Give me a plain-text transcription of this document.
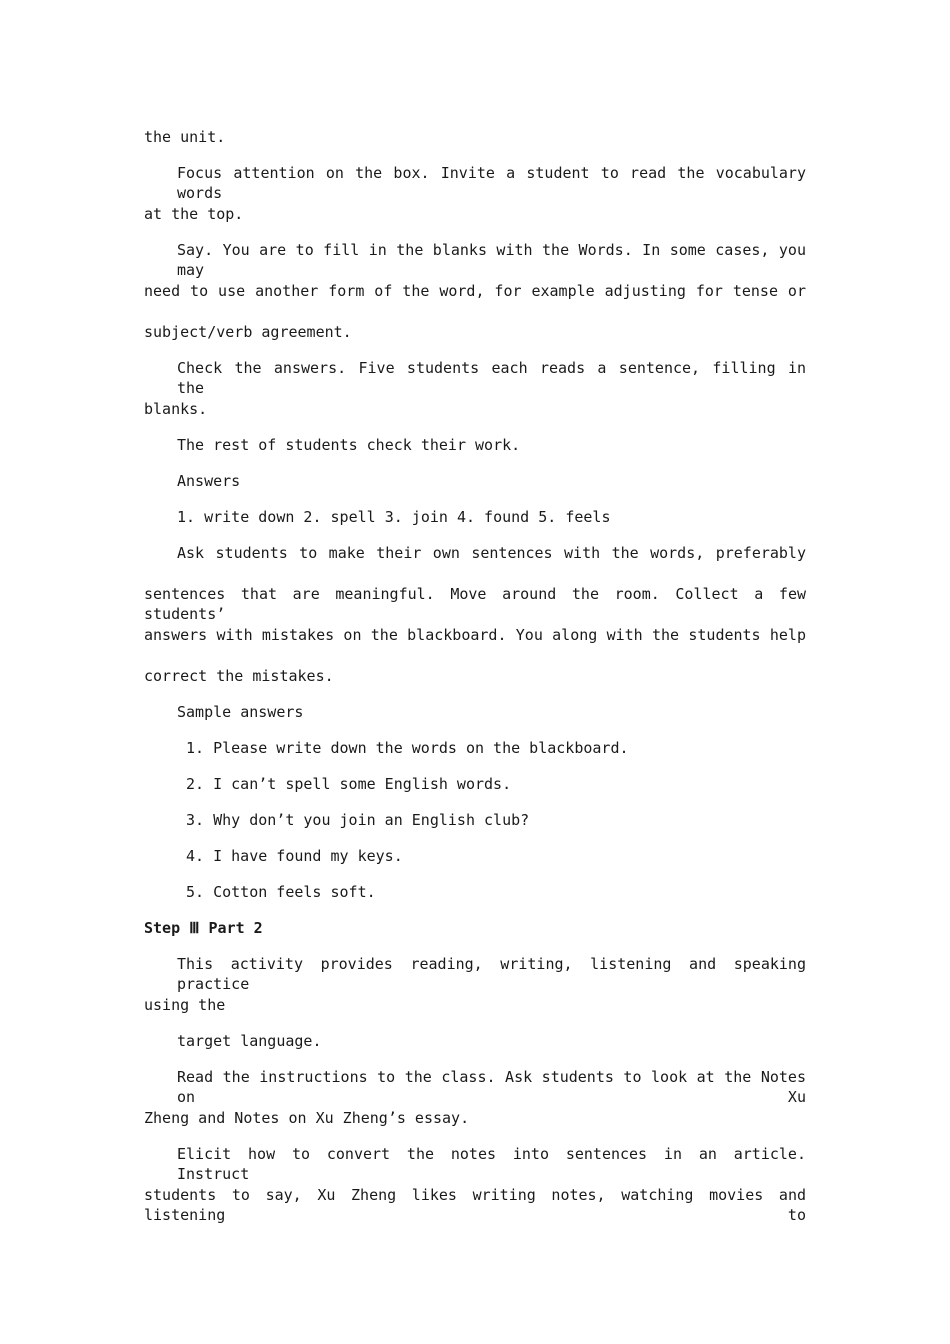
the unit.
Focus attention on the box. Invite a student to read the vocabulary words
at the top.
Say. You are to fill in the blanks with the Words. In some cases, you may
need to use another form of the word, for example adjusting for tense or
subject/verb agreement.
Check the answers. Five students each reads a sentence, filling in the
blanks.
The rest of students check their work.
Answers
1. write down 2. spell 3. join 4. found 5. feels
Ask students to make their own sentences with the words, preferably
sentences that are meaningful. Move around the room. Collect a few students’
answers with mistakes on the blackboard. You along with the students help
correct the mistakes.
Sample answers
1. Please write down the words on the blackboard.
2. I can’t spell some English words.
3. Why don’t you join an English club?
4. I have found my keys.
5. Cotton feels soft.
Step Ⅲ Part 2
This activity provides reading, writing, listening and speaking practice
using the
target language.
Read the instructions to the class. Ask students to look at the Notes on Xu
Zheng and Notes on Xu Zheng’s essay.
Elicit how to convert the notes into sentences in an article. Instruct
students to say, Xu Zheng likes writing notes, watching movies and listening to
